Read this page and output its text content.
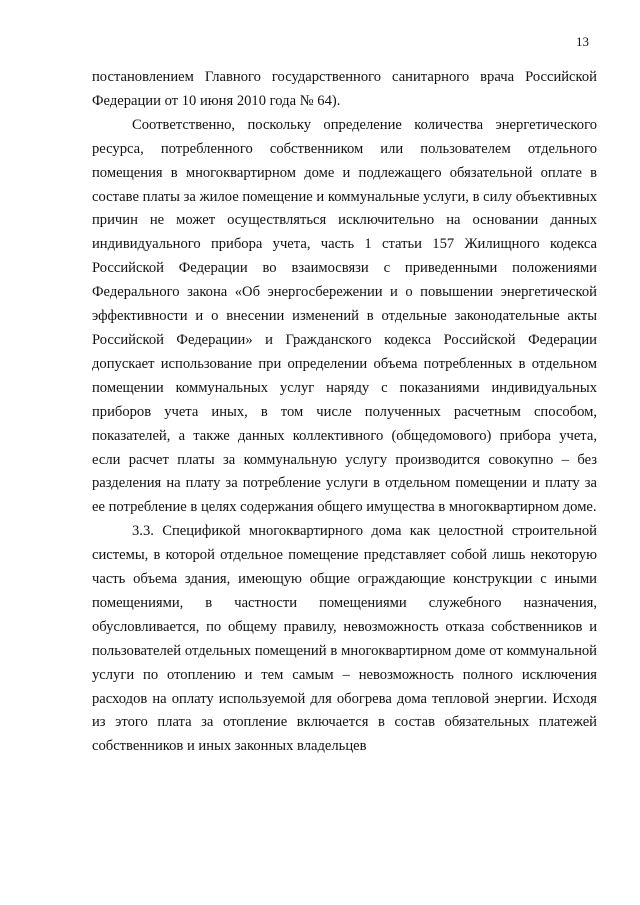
13

постановлением Главного государственного санитарного врача Российской Федерации от 10 июня 2010 года № 64).

Соответственно, поскольку определение количества энергетического ресурса, потребленного собственником или пользователем отдельного помещения в многоквартирном доме и подлежащего обязательной оплате в составе платы за жилое помещение и коммунальные услуги, в силу объективных причин не может осуществляться исключительно на основании данных индивидуального прибора учета, часть 1 статьи 157 Жилищного кодекса Российской Федерации во взаимосвязи с приведенными положениями Федерального закона «Об энергосбережении и о повышении энергетической эффективности и о внесении изменений в отдельные законодательные акты Российской Федерации» и Гражданского кодекса Российской Федерации допускает использование при определении объема потребленных в отдельном помещении коммунальных услуг наряду с показаниями индивидуальных приборов учета иных, в том числе полученных расчетным способом, показателей, а также данных коллективного (общедомового) прибора учета, если расчет платы за коммунальную услугу производится совокупно – без разделения на плату за потребление услуги в отдельном помещении и плату за ее потребление в целях содержания общего имущества в многоквартирном доме.

3.3. Спецификой многоквартирного дома как целостной строительной системы, в которой отдельное помещение представляет собой лишь некоторую часть объема здания, имеющую общие ограждающие конструкции с иными помещениями, в частности помещениями служебного назначения, обусловливается, по общему правилу, невозможность отказа собственников и пользователей отдельных помещений в многоквартирном доме от коммунальной услуги по отоплению и тем самым – невозможность полного исключения расходов на оплату используемой для обогрева дома тепловой энергии. Исходя из этого плата за отопление включается в состав обязательных платежей собственников и иных законных владельцев
